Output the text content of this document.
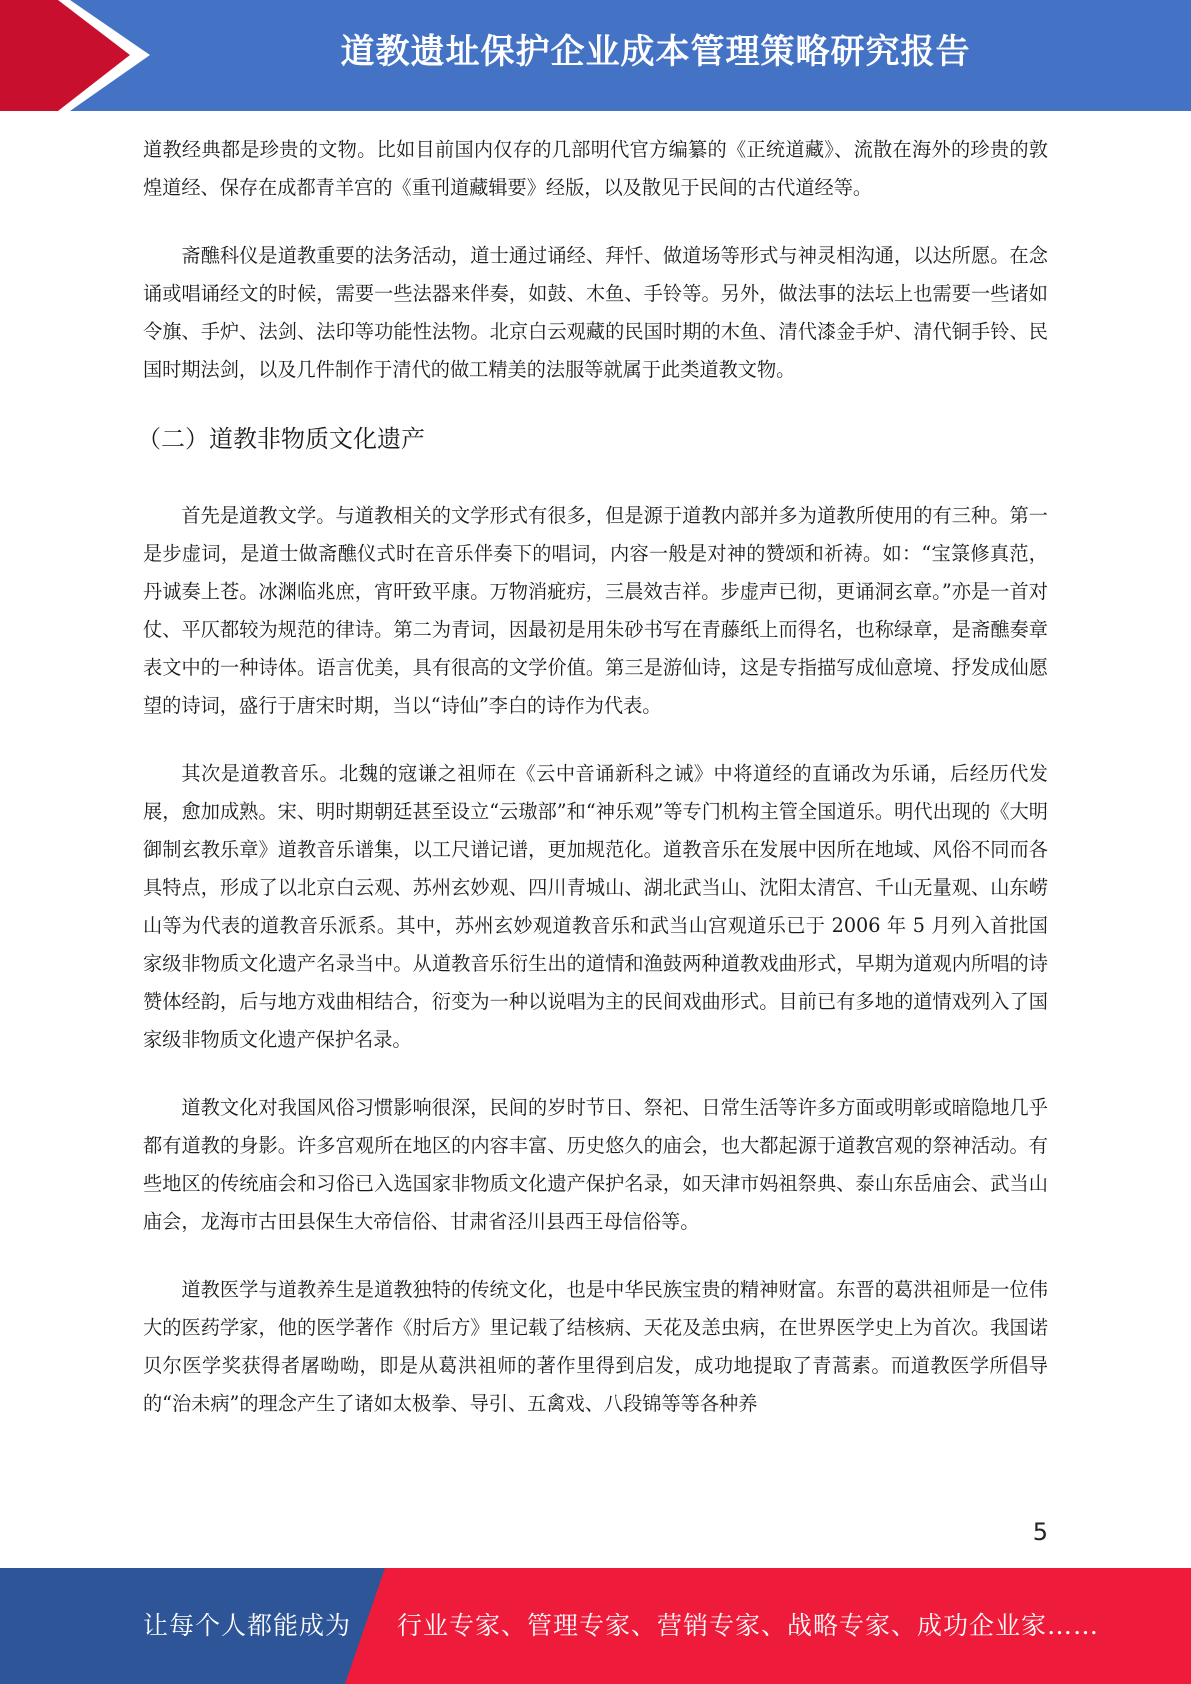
道教遗址保护企业成本管理策略研究报告

道教经典都是珍贵的文物。比如目前国内仅存的几部明代官方编纂的《正统道藏》、流散在海外的珍贵的敦煌道经、保存在成都青羊宫的《重刊道藏辑要》经版，以及散见于民间的古代道经等。

斋醮科仪是道教重要的法务活动，道士通过诵经、拜忏、做道场等形式与神灵相沟通，以达所愿。在念诵或唱诵经文的时候，需要一些法器来伴奏，如鼓、木鱼、手铃等。另外，做法事的法坛上也需要一些诸如令旗、手炉、法剑、法印等功能性法物。北京白云观藏的民国时期的木鱼、清代漆金手炉、清代铜手铃、民国时期法剑，以及几件制作于清代的做工精美的法服等就属于此类道教文物。

（二）道教非物质文化遗产

首先是道教文学。与道教相关的文学形式有很多，但是源于道教内部并多为道教所使用的有三种。第一是步虚词，是道士做斋醮仪式时在音乐伴奏下的唱词，内容一般是对神的赞颂和祈祷。如：“宝箓修真范，丹诚奏上苍。冰渊临兆庶，宵旰致平康。万物消疵疠，三晨效吉祥。步虚声已彻，更诵洞玄章。”亦是一首对仗、平仄都较为规范的律诗。第二为青词，因最初是用朱砂书写在青藤纸上而得名，也称绿章，是斋醮奏章表文中的一种诗体。语言优美，具有很高的文学价值。第三是游仙诗，这是专指描写成仙意境、抒发成仙愿望的诗词，盛行于唐宋时期，当以“诗仙”李白的诗作为代表。

其次是道教音乐。北魏的寇谦之祖师在《云中音诵新科之诫》中将道经的直诵改为乐诵，后经历代发展，愈加成熟。宋、明时期朝廷甚至设立“云璈部”和“神乐观”等专门机构主管全国道乐。明代出现的《大明御制玄教乐章》道教音乐谱集，以工尺谱记谱，更加规范化。道教音乐在发展中因所在地域、风俗不同而各具特点，形成了以北京白云观、苏州玄妙观、四川青城山、湖北武当山、沈阳太清宫、千山无量观、山东崂山等为代表的道教音乐派系。其中，苏州玄妙观道教音乐和武当山宫观道乐已于 2006 年 5 月列入首批国家级非物质文化遗产名录当中。从道教音乐衍生出的道情和渔鼓两种道教戏曲形式，早期为道观内所唱的诗赞体经韵，后与地方戏曲相结合，衍变为一种以说唱为主的民间戏曲形式。目前已有多地的道情戏列入了国家级非物质文化遗产保护名录。

道教文化对我国风俗习惯影响很深，民间的岁时节日、祭祀、日常生活等许多方面或明彰或暗隐地几乎都有道教的身影。许多宫观所在地区的内容丰富、历史悠久的庙会，也大都起源于道教宫观的祭神活动。有些地区的传统庙会和习俗已入选国家非物质文化遗产保护名录，如天津市妈祖祭典、泰山东岳庙会、武当山庙会，龙海市古田县保生大帝信俗、甘肃省泾川县西王母信俗等。

道教医学与道教养生是道教独特的传统文化，也是中华民族宝贵的精神财富。东晋的葛洪祖师是一位伟大的医药学家，他的医学著作《肘后方》里记载了结核病、天花及恙虫病，在世界医学史上为首次。我国诺贝尔医学奖获得者屠呦呦，即是从葛洪祖师的著作里得到启发，成功地提取了青蒿素。而道教医学所倡导的“治未病”的理念产生了诸如太极拳、导引、五禽戏、八段锦等等各种养

5
让每个人都能成为 行业专家、管理专家、营销专家、战略专家、成功企业家……
